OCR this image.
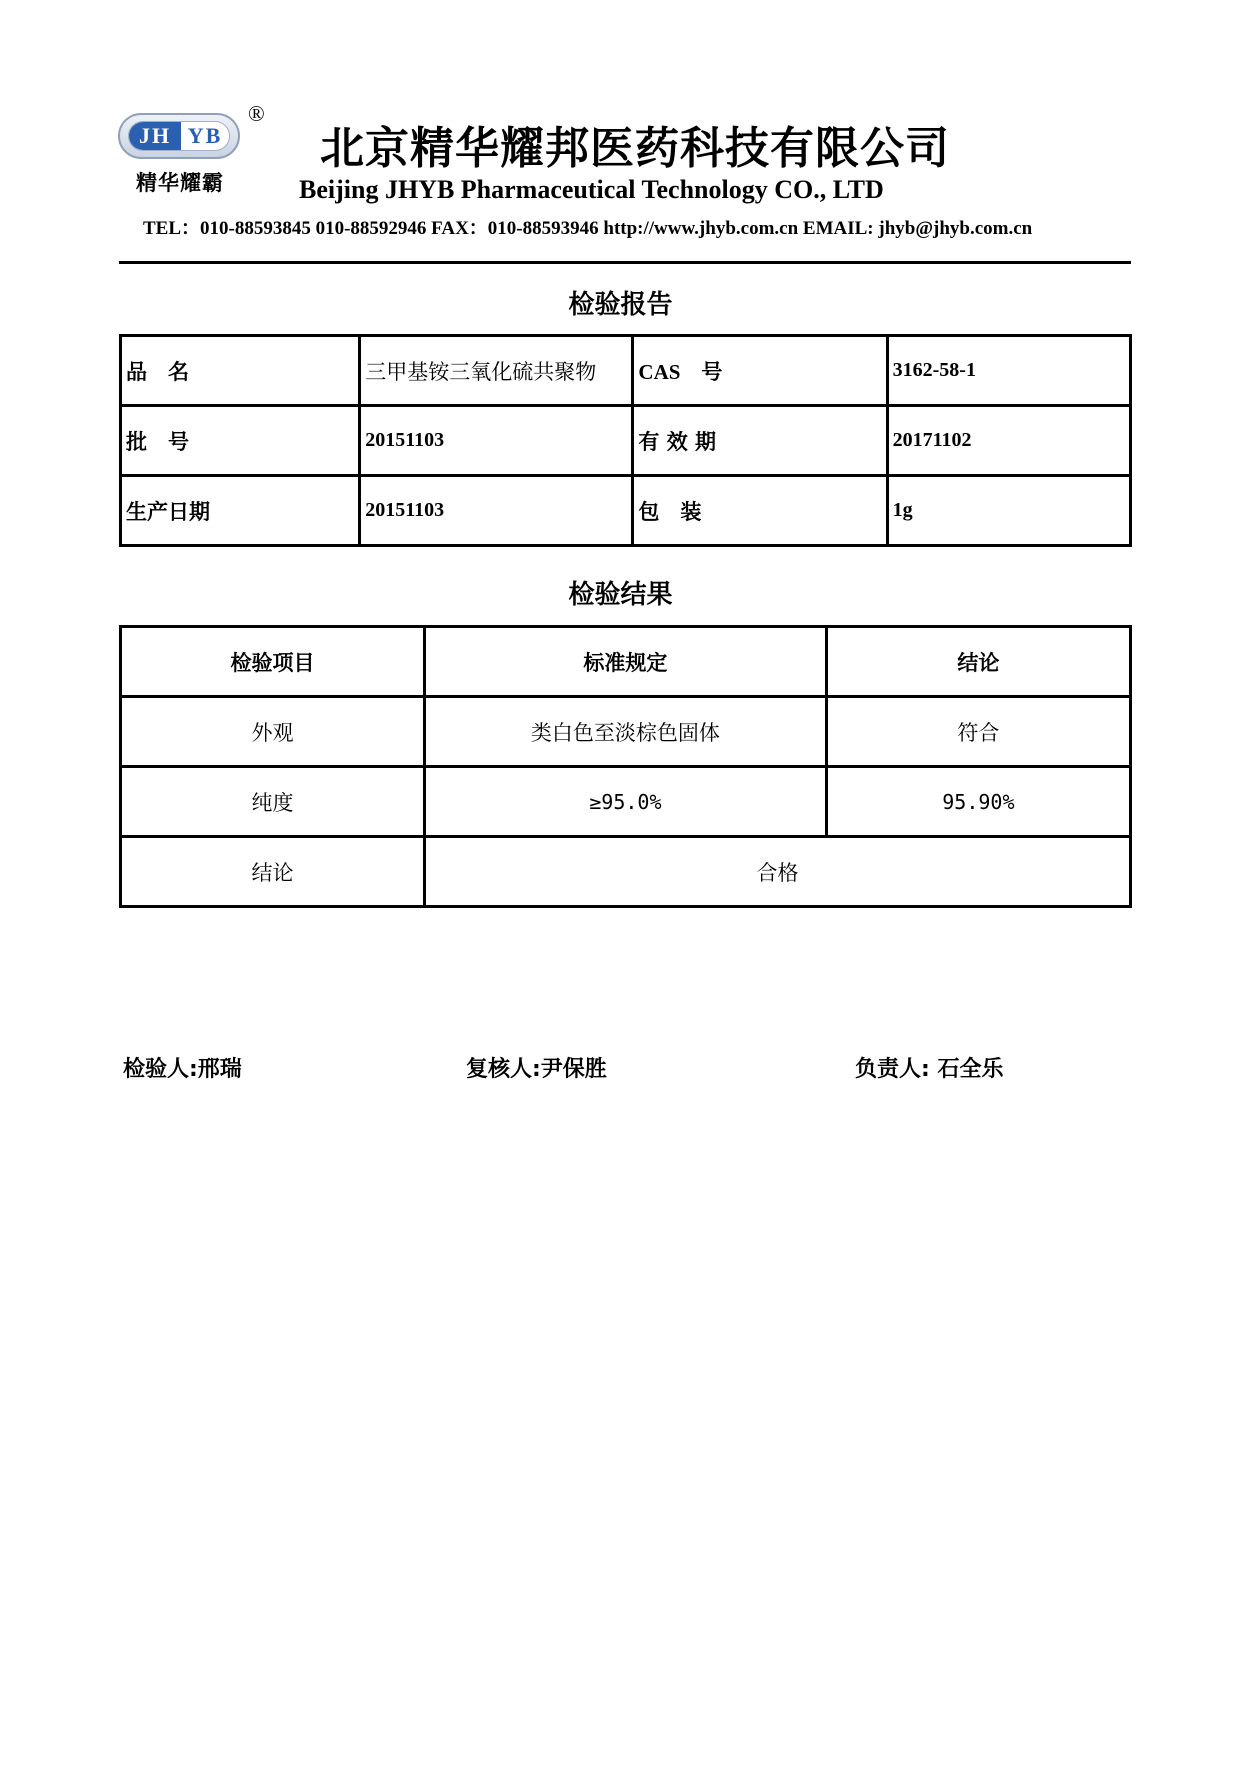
JH YB
®
精华耀霸
北京精华耀邦医药科技有限公司
Beijing JHYB Pharmaceutical Technology CO., LTD
TEL：010-88593845 010-88592946 FAX：010-88593946 http://www.jhyb.com.cn EMAIL: jhyb@jhyb.com.cn
检验报告
品　名	三甲基铵三氧化硫共聚物	CAS　号	3162-58-1
批　号	20151103	有 效 期	20171102
生产日期	20151103	包　装	1g
检验结果
检验项目	标准规定	结论
外观	类白色至淡棕色固体	符合
纯度	≥95.0%	95.90%
结论	合格	
检验人:邢瑞	复核人:尹保胜	负责人: 石全乐
